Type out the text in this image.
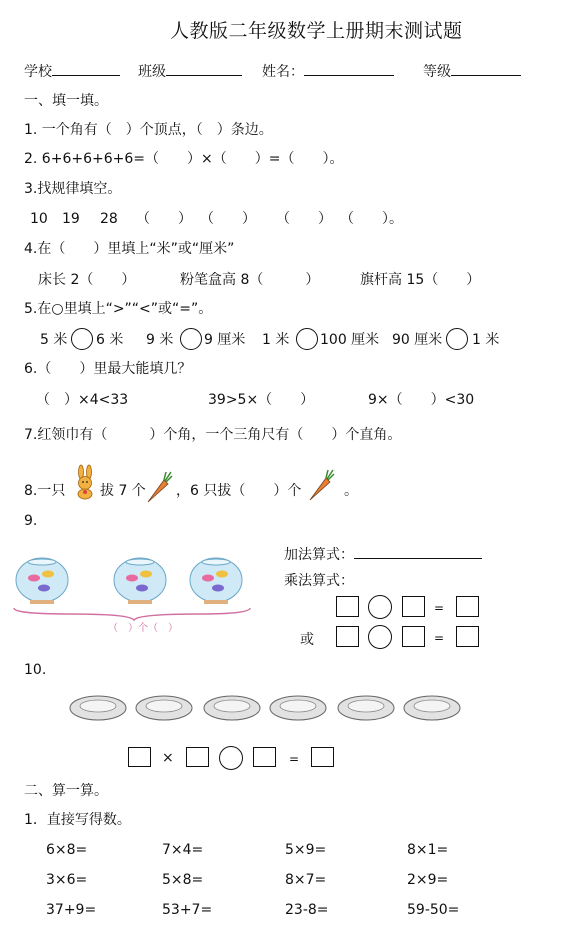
人教版二年级数学上册期末测试题
学校	班级	姓名：	等级
一、填一填。
1. 一个角有（　）个顶点，（　）条边。
2. 6+6+6+6+6=（　　）×（　　）=（　　）。
3.找规律填空。
10 19 28 （　　） （　　） （　　） （　　）。
4.在（　　）里填上“米”或“厘米”
床长 2（　　）	粉笔盒高 8（　　　）	旗杆高 15（　　）
5.在○里填上“>”“<”或“=”。
5 米 6 米 9 米 9 厘米 1 米 100 厘米 90 厘米 1 米
6.（　　）里最大能填几？
（　）×4<33	39>5×（　　）	9×（　　）<30
7.红领巾有（　　　）个角，一个三角尺有（　　）个直角。
8.一只 拔 7 个 ，6 只拔（　　）个	。
9.
（　）个（　）
加法算式：
乘法算式：
=
或	=
10.
×	=
二、算一算。
1．直接写得数。
6×8=	7×4=	5×9=	8×1=
3×6=	5×8=	8×7=	2×9=
37+9=	53+7=	23-8=	59-50=
